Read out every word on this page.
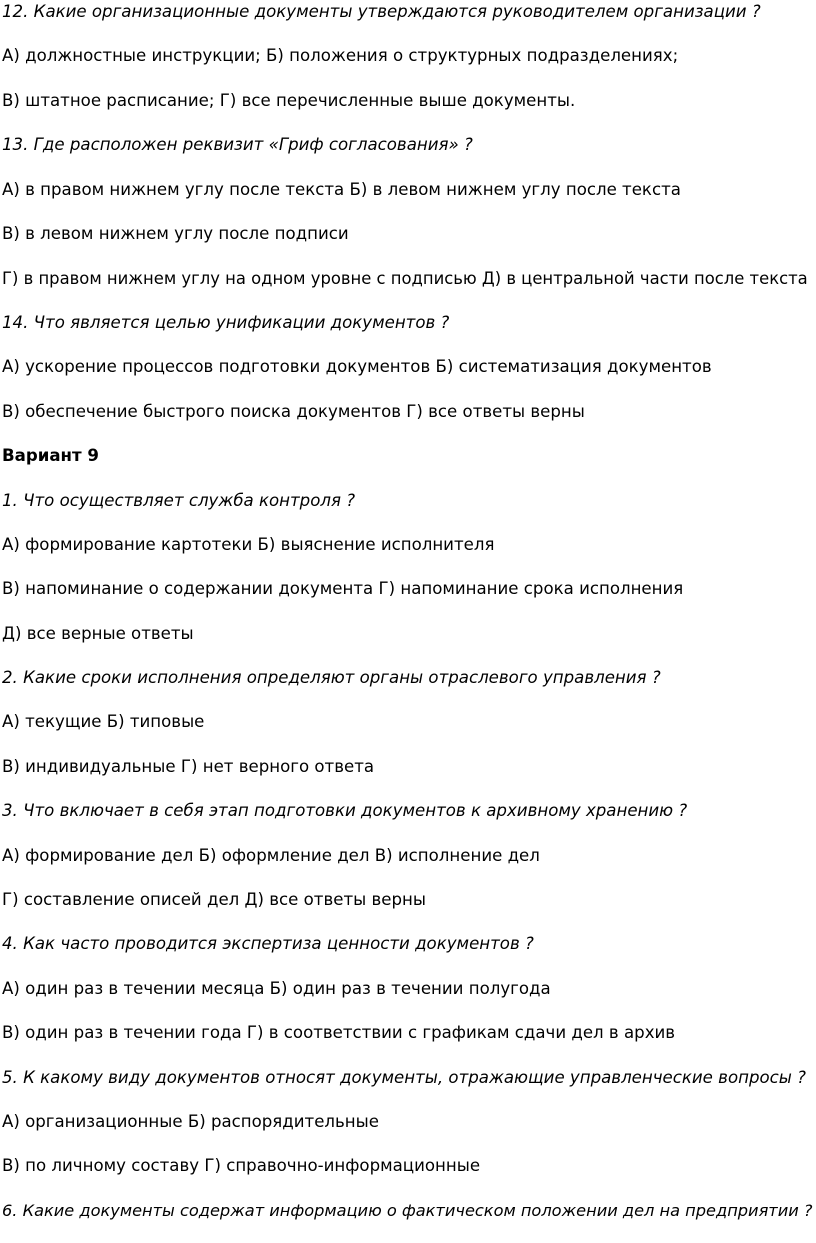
12. Какие организационные документы утверждаются руководителем организации ?
А) должностные инструкции; Б) положения о структурных подразделениях;
В) штатное расписание; Г) все перечисленные выше документы.
13. Где расположен реквизит «Гриф согласования» ?
А) в правом нижнем углу после текста Б) в левом нижнем углу после текста
В) в левом нижнем углу после подписи
Г) в правом нижнем углу на одном уровне с подписью Д) в центральной части после текста
14. Что является целью унификации документов ?
А) ускорение процессов подготовки документов Б) систематизация документов
В) обеспечение быстрого поиска документов Г) все ответы верны
Вариант 9
1. Что осуществляет служба контроля ?
А) формирование картотеки Б) выяснение исполнителя
В) напоминание о содержании документа Г) напоминание срока исполнения
Д) все верные ответы
2. Какие сроки исполнения определяют органы отраслевого управления ?
А) текущие Б) типовые
В) индивидуальные Г) нет верного ответа
3. Что включает в себя этап подготовки документов к архивному хранению ?
А) формирование дел Б) оформление дел В) исполнение дел
Г) составление описей дел Д) все ответы верны
4. Как часто проводится экспертиза ценности документов ?
А) один раз в течении месяца Б) один раз в течении полугода
В) один раз в течении года Г) в соответствии с графикам сдачи дел в архив
5. К какому виду документов относят документы, отражающие управленческие вопросы ?
А) организационные Б) распорядительные
В) по личному составу Г) справочно-информационные
6. Какие документы содержат информацию о фактическом положении дел на предприятии ?
